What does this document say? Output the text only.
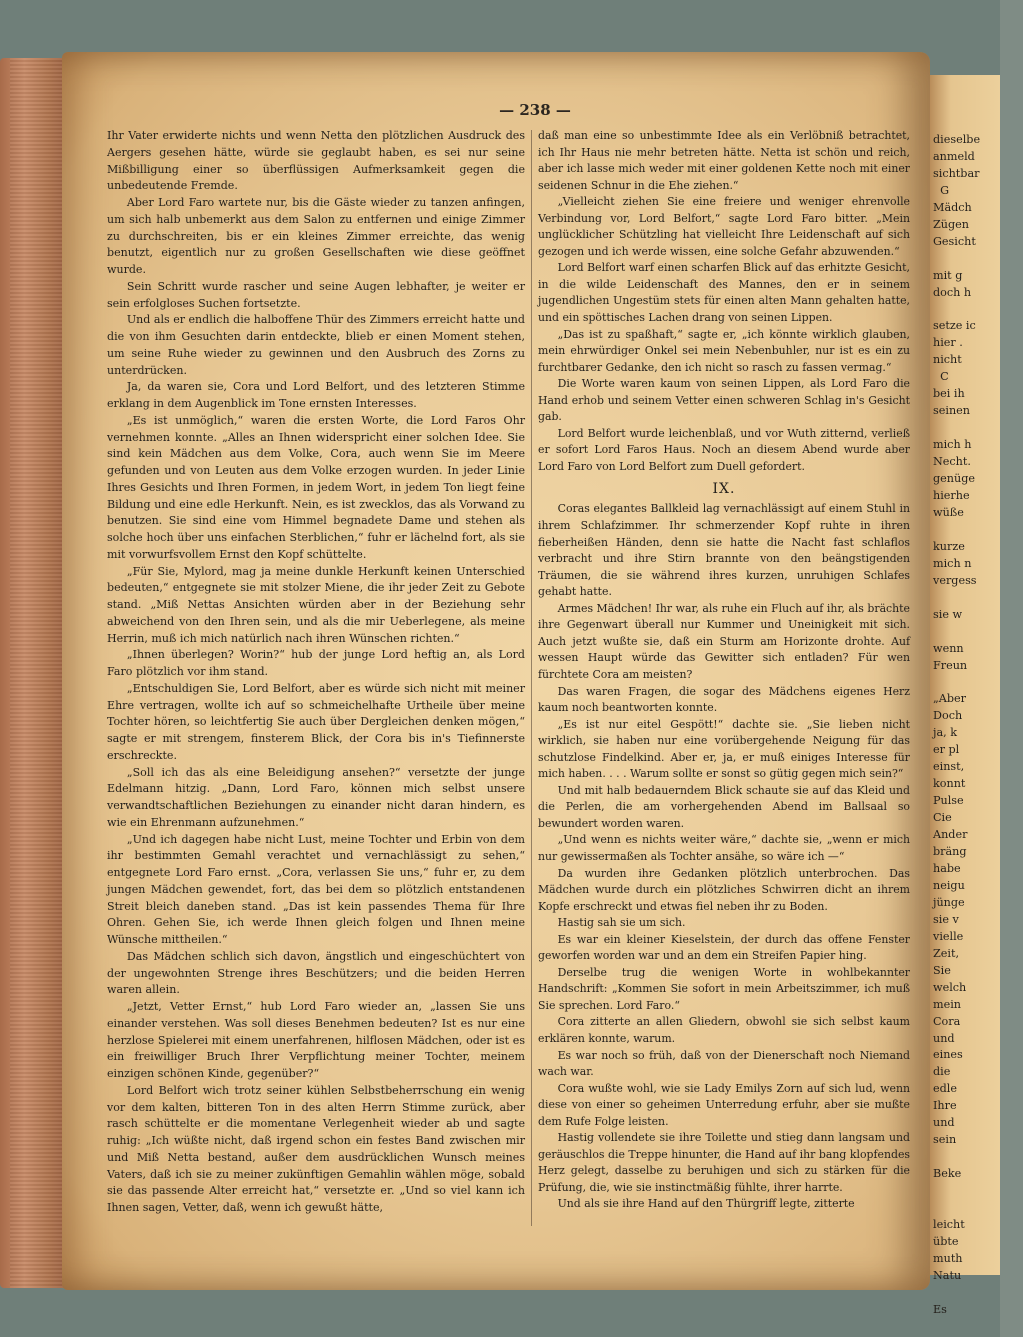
dieselbe
anmeld
sichtbar
G
Mädch
Zügen
Gesicht

mit g
doch h

setze ic
hier .
nicht
C
bei ih
seinen

mich h
Necht.
genüge
hierhe
wüße

kurze
mich n
vergess

sie w

wenn
Freun

„Aber
Doch
ja, k
er pl
einst,
konnt
Pulse
Cie
Ander
bräng
habe
neigu
jünge
sie v
vielle
Zeit,
Sie
welch
mein
Cora
und
eines
die
edle
Ihre
und
sein

Beke

leicht
übte
muth
Natu

Es
— 238 —

Ihr Vater erwiderte nichts und wenn Netta den plötzlichen Ausdruck des Aergers gesehen hätte, würde sie geglaubt haben, es sei nur seine Mißbilligung einer so überflüssigen Aufmerksamkeit gegen die unbedeutende Fremde.

Aber Lord Faro wartete nur, bis die Gäste wieder zu tanzen anfingen, um sich halb unbemerkt aus dem Salon zu entfernen und einige Zimmer zu durchschreiten, bis er ein kleines Zimmer erreichte, das wenig benutzt, eigentlich nur zu großen Gesellschaften wie diese geöffnet wurde.

Sein Schritt wurde rascher und seine Augen lebhafter, je weiter er sein erfolgloses Suchen fortsetzte.

Und als er endlich die halboffene Thür des Zimmers erreicht hatte und die von ihm Gesuchten darin entdeckte, blieb er einen Moment stehen, um seine Ruhe wieder zu gewinnen und den Ausbruch des Zorns zu unterdrücken.

Ja, da waren sie, Cora und Lord Belfort, und des letzteren Stimme erklang in dem Augenblick im Tone ernsten Interesses.

„Es ist unmöglich,“ waren die ersten Worte, die Lord Faros Ohr vernehmen konnte. „Alles an Ihnen widerspricht einer solchen Idee. Sie sind kein Mädchen aus dem Volke, Cora, auch wenn Sie im Meere gefunden und von Leuten aus dem Volke erzogen wurden. In jeder Linie Ihres Gesichts und Ihren Formen, in jedem Wort, in jedem Ton liegt feine Bildung und eine edle Herkunft. Nein, es ist zwecklos, das als Vorwand zu benutzen. Sie sind eine vom Himmel begnadete Dame und stehen als solche hoch über uns einfachen Sterblichen,“ fuhr er lächelnd fort, als sie mit vorwurfsvollem Ernst den Kopf schüttelte.

„Für Sie, Mylord, mag ja meine dunkle Herkunft keinen Unterschied bedeuten,“ entgegnete sie mit stolzer Miene, die ihr jeder Zeit zu Gebote stand. „Miß Nettas Ansichten würden aber in der Beziehung sehr abweichend von den Ihren sein, und als die mir Ueberlegene, als meine Herrin, muß ich mich natürlich nach ihren Wünschen richten.“

„Ihnen überlegen? Worin?“ hub der junge Lord heftig an, als Lord Faro plötzlich vor ihm stand.

„Entschuldigen Sie, Lord Belfort, aber es würde sich nicht mit meiner Ehre vertragen, wollte ich auf so schmeichelhafte Urtheile über meine Tochter hören, so leichtfertig Sie auch über Dergleichen denken mögen,“ sagte er mit strengem, finsterem Blick, der Cora bis in's Tiefinnerste erschreckte.

„Soll ich das als eine Beleidigung ansehen?“ versetzte der junge Edelmann hitzig. „Dann, Lord Faro, können mich selbst unsere verwandtschaftlichen Beziehungen zu einander nicht daran hindern, es wie ein Ehrenmann aufzunehmen.“

„Und ich dagegen habe nicht Lust, meine Tochter und Erbin von dem ihr bestimmten Gemahl verachtet und vernachlässigt zu sehen,“ entgegnete Lord Faro ernst. „Cora, verlassen Sie uns,“ fuhr er, zu dem jungen Mädchen gewendet, fort, das bei dem so plötzlich entstandenen Streit bleich daneben stand. „Das ist kein passendes Thema für Ihre Ohren. Gehen Sie, ich werde Ihnen gleich folgen und Ihnen meine Wünsche mittheilen.“

Das Mädchen schlich sich davon, ängstlich und eingeschüchtert von der ungewohnten Strenge ihres Beschützers; und die beiden Herren waren allein.

„Jetzt, Vetter Ernst,“ hub Lord Faro wieder an, „lassen Sie uns einander verstehen. Was soll dieses Benehmen bedeuten? Ist es nur eine herzlose Spielerei mit einem unerfahrenen, hilflosen Mädchen, oder ist es ein freiwilliger Bruch Ihrer Verpflichtung meiner Tochter, meinem einzigen schönen Kinde, gegenüber?“

Lord Belfort wich trotz seiner kühlen Selbstbeherrschung ein wenig vor dem kalten, bitteren Ton in des alten Herrn Stimme zurück, aber rasch schüttelte er die momentane Verlegenheit wieder ab und sagte ruhig: „Ich wüßte nicht, daß irgend schon ein festes Band zwischen mir und Miß Netta bestand, außer dem ausdrücklichen Wunsch meines Vaters, daß ich sie zu meiner zukünftigen Gemahlin wählen möge, sobald sie das passende Alter erreicht hat,“ versetzte er. „Und so viel kann ich Ihnen sagen, Vetter, daß, wenn ich gewußt hätte,

daß man eine so unbestimmte Idee als ein Verlöbniß betrachtet, ich Ihr Haus nie mehr betreten hätte. Netta ist schön und reich, aber ich lasse mich weder mit einer goldenen Kette noch mit einer seidenen Schnur in die Ehe ziehen.“

„Vielleicht ziehen Sie eine freiere und weniger ehrenvolle Verbindung vor, Lord Belfort,“ sagte Lord Faro bitter. „Mein unglücklicher Schützling hat vielleicht Ihre Leidenschaft auf sich gezogen und ich werde wissen, eine solche Gefahr abzuwenden.“

Lord Belfort warf einen scharfen Blick auf das erhitzte Gesicht, in die wilde Leidenschaft des Mannes, den er in seinem jugendlichen Ungestüm stets für einen alten Mann gehalten hatte, und ein spöttisches Lachen drang von seinen Lippen.

„Das ist zu spaßhaft,“ sagte er, „ich könnte wirklich glauben, mein ehrwürdiger Onkel sei mein Nebenbuhler, nur ist es ein zu furchtbarer Gedanke, den ich nicht so rasch zu fassen vermag.“

Die Worte waren kaum von seinen Lippen, als Lord Faro die Hand erhob und seinem Vetter einen schweren Schlag in's Gesicht gab.

Lord Belfort wurde leichenblaß, und vor Wuth zitternd, verließ er sofort Lord Faros Haus. Noch an diesem Abend wurde aber Lord Faro von Lord Belfort zum Duell gefordert.

IX.

Coras elegantes Ballkleid lag vernachlässigt auf einem Stuhl in ihrem Schlafzimmer. Ihr schmerzender Kopf ruhte in ihren fieberheißen Händen, denn sie hatte die Nacht fast schlaflos verbracht und ihre Stirn brannte von den beängstigenden Träumen, die sie während ihres kurzen, unruhigen Schlafes gehabt hatte.

Armes Mädchen! Ihr war, als ruhe ein Fluch auf ihr, als brächte ihre Gegenwart überall nur Kummer und Uneinigkeit mit sich. Auch jetzt wußte sie, daß ein Sturm am Horizonte drohte. Auf wessen Haupt würde das Gewitter sich entladen? Für wen fürchtete Cora am meisten?

Das waren Fragen, die sogar des Mädchens eigenes Herz kaum noch beantworten konnte.

„Es ist nur eitel Gespött!“ dachte sie. „Sie lieben nicht wirklich, sie haben nur eine vorübergehende Neigung für das schutzlose Findelkind. Aber er, ja, er muß einiges Interesse für mich haben. . . . Warum sollte er sonst so gütig gegen mich sein?“

Und mit halb bedauerndem Blick schaute sie auf das Kleid und die Perlen, die am vorhergehenden Abend im Ballsaal so bewundert worden waren.

„Und wenn es nichts weiter wäre,“ dachte sie, „wenn er mich nur gewissermaßen als Tochter ansähe, so wäre ich —“

Da wurden ihre Gedanken plötzlich unterbrochen. Das Mädchen wurde durch ein plötzliches Schwirren dicht an ihrem Kopfe erschreckt und etwas fiel neben ihr zu Boden.

Hastig sah sie um sich.

Es war ein kleiner Kieselstein, der durch das offene Fenster geworfen worden war und an dem ein Streifen Papier hing.

Derselbe trug die wenigen Worte in wohlbekannter Handschrift: „Kommen Sie sofort in mein Arbeitszimmer, ich muß Sie sprechen. Lord Faro.“

Cora zitterte an allen Gliedern, obwohl sie sich selbst kaum erklären konnte, warum.

Es war noch so früh, daß von der Dienerschaft noch Niemand wach war.

Cora wußte wohl, wie sie Lady Emilys Zorn auf sich lud, wenn diese von einer so geheimen Unterredung erfuhr, aber sie mußte dem Rufe Folge leisten.

Hastig vollendete sie ihre Toilette und stieg dann langsam und geräuschlos die Treppe hinunter, die Hand auf ihr bang klopfendes Herz gelegt, dasselbe zu beruhigen und sich zu stärken für die Prüfung, die, wie sie instinctmäßig fühlte, ihrer harrte.

Und als sie ihre Hand auf den Thürgriff legte, zitterte
